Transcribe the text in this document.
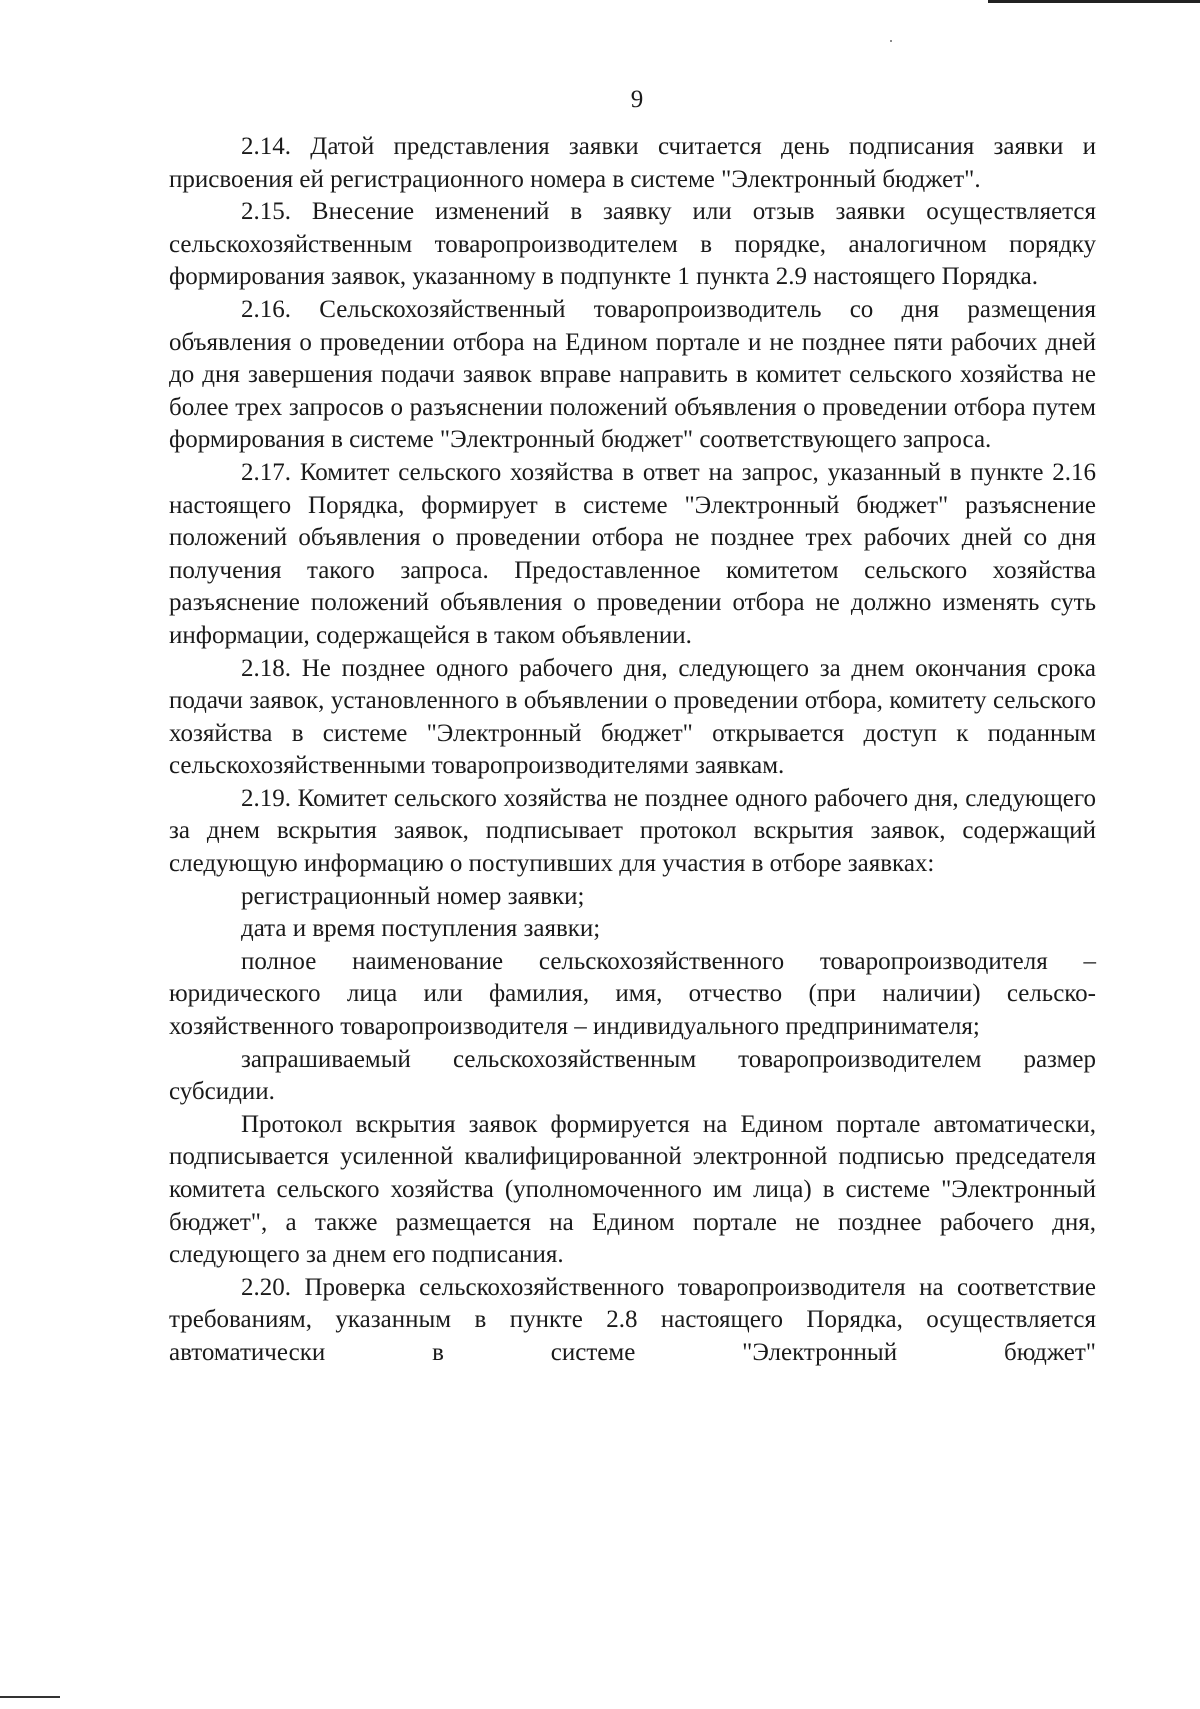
9

2.14. Датой представления заявки считается день подписания заявки и присвоения ей регистрационного номера в системе "Электронный бюджет".

2.15. Внесение изменений в заявку или отзыв заявки осуществляется сельскохозяйственным товаропроизводителем в порядке, аналогичном порядку формирования заявок, указанному в подпункте 1 пункта 2.9 настоящего Порядка.

2.16. Сельскохозяйственный товаропроизводитель со дня размещения объявления о проведении отбора на Едином портале и не позднее пяти рабочих дней до дня завершения подачи заявок вправе направить в комитет сельского хозяйства не более трех запросов о разъяснении положений объявления о проведении отбора путем формирования в системе "Электронный бюджет" соответствующего запроса.

2.17. Комитет сельского хозяйства в ответ на запрос, указанный в пункте 2.16 настоящего Порядка, формирует в системе "Электронный бюджет" разъяснение положений объявления о проведении отбора не позднее трех рабочих дней со дня получения такого запроса. Предоставленное комитетом сельского хозяйства разъяснение положений объявления о проведении отбора не должно изменять суть информации, содержащейся в таком объявлении.

2.18. Не позднее одного рабочего дня, следующего за днем окончания срока подачи заявок, установленного в объявлении о проведении отбора, комитету сельского хозяйства в системе "Электронный бюджет" открывается доступ к поданным сельскохозяйственными товаропроизводителями заявкам.

2.19. Комитет сельского хозяйства не позднее одного рабочего дня, следующего за днем вскрытия заявок, подписывает протокол вскрытия заявок, содержащий следующую информацию о поступивших для участия в отборе заявках:

регистрационный номер заявки;

дата и время поступления заявки;

полное наименование сельскохозяйственного товаропроизводителя – юридического лица или фамилия, имя, отчество (при наличии) сельско-хозяйственного товаропроизводителя – индивидуального предпринимателя;

запрашиваемый сельскохозяйственным товаропроизводителем размер субсидии.

Протокол вскрытия заявок формируется на Едином портале автоматически, подписывается усиленной квалифицированной электронной подписью председателя комитета сельского хозяйства (уполномоченного им лица) в системе "Электронный бюджет", а также размещается на Едином портале не позднее рабочего дня, следующего за днем его подписания.

2.20. Проверка сельскохозяйственного товаропроизводителя на соответствие требованиям, указанным в пункте 2.8 настоящего Порядка, осуществляется автоматически в системе "Электронный бюджет"
